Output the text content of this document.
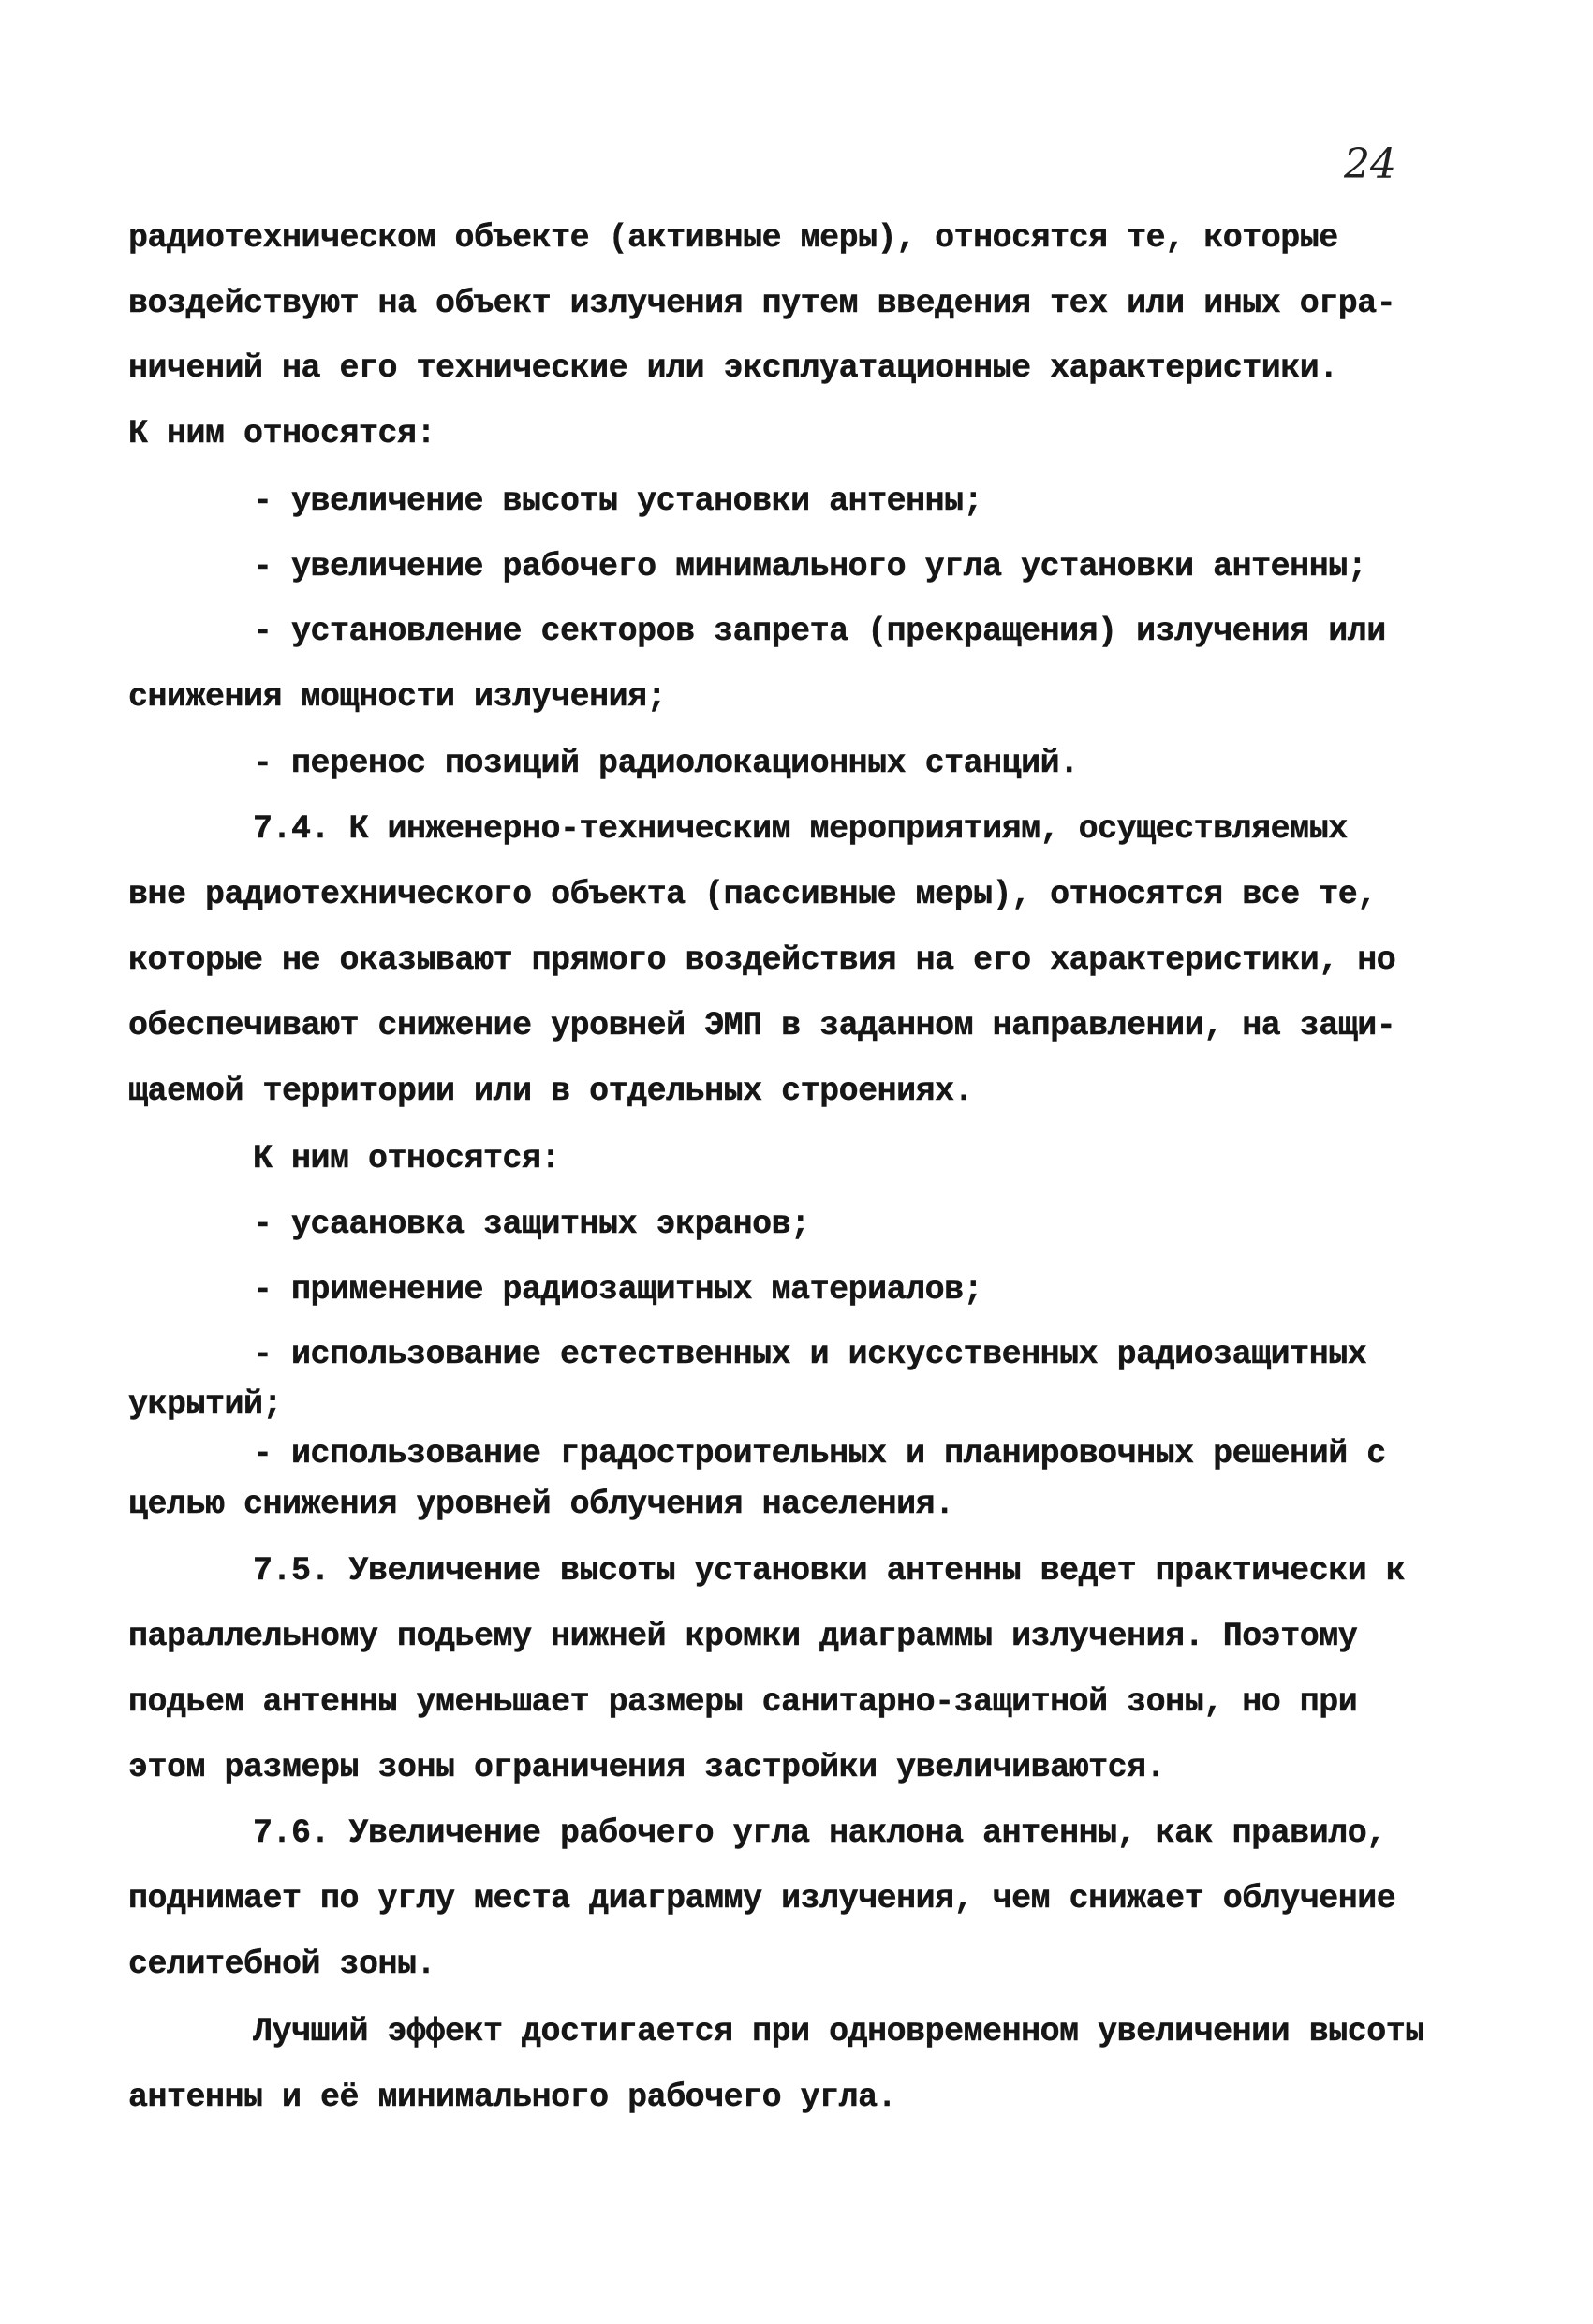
24
радиотехническом объекте (активные меры), относятся те, которые
воздействуют на объект излучения путем введения тех или иных огра-
ничений на его технические или эксплуатационные характеристики.
К ним относятся:
- увеличение высоты установки антенны;
- увеличение рабочего минимального угла установки антенны;
- установление секторов запрета (прекращения) излучения или
снижения мощности излучения;
- перенос позиций радиолокационных станций.
7.4. К инженерно-техническим мероприятиям, осуществляемых
вне радиотехнического объекта (пассивные меры), относятся все те,
которые не оказывают прямого воздействия на его характеристики, но
обеспечивают снижение уровней ЭМП в заданном направлении, на защи-
щаемой территории или в отдельных строениях.
К ним относятся:
- усаановка защитных экранов;
- применение радиозащитных материалов;
- использование естественных и искусственных радиозащитных
укрытий;
- использование градостроительных и планировочных решений с
целью снижения уровней облучения населения.
7.5. Увеличение высоты установки антенны ведет практически к
параллельному подьему нижней кромки диаграммы излучения. Поэтому
подьем антенны уменьшает размеры санитарно-защитной зоны, но при
этом размеры зоны ограничения застройки увеличиваются.
7.6. Увеличение рабочего угла наклона антенны, как правило,
поднимает по углу места диаграмму излучения, чем снижает облучение
селитебной зоны.
Лучший эффект достигается при одновременном увеличении высоты
антенны и её минимального рабочего угла.
